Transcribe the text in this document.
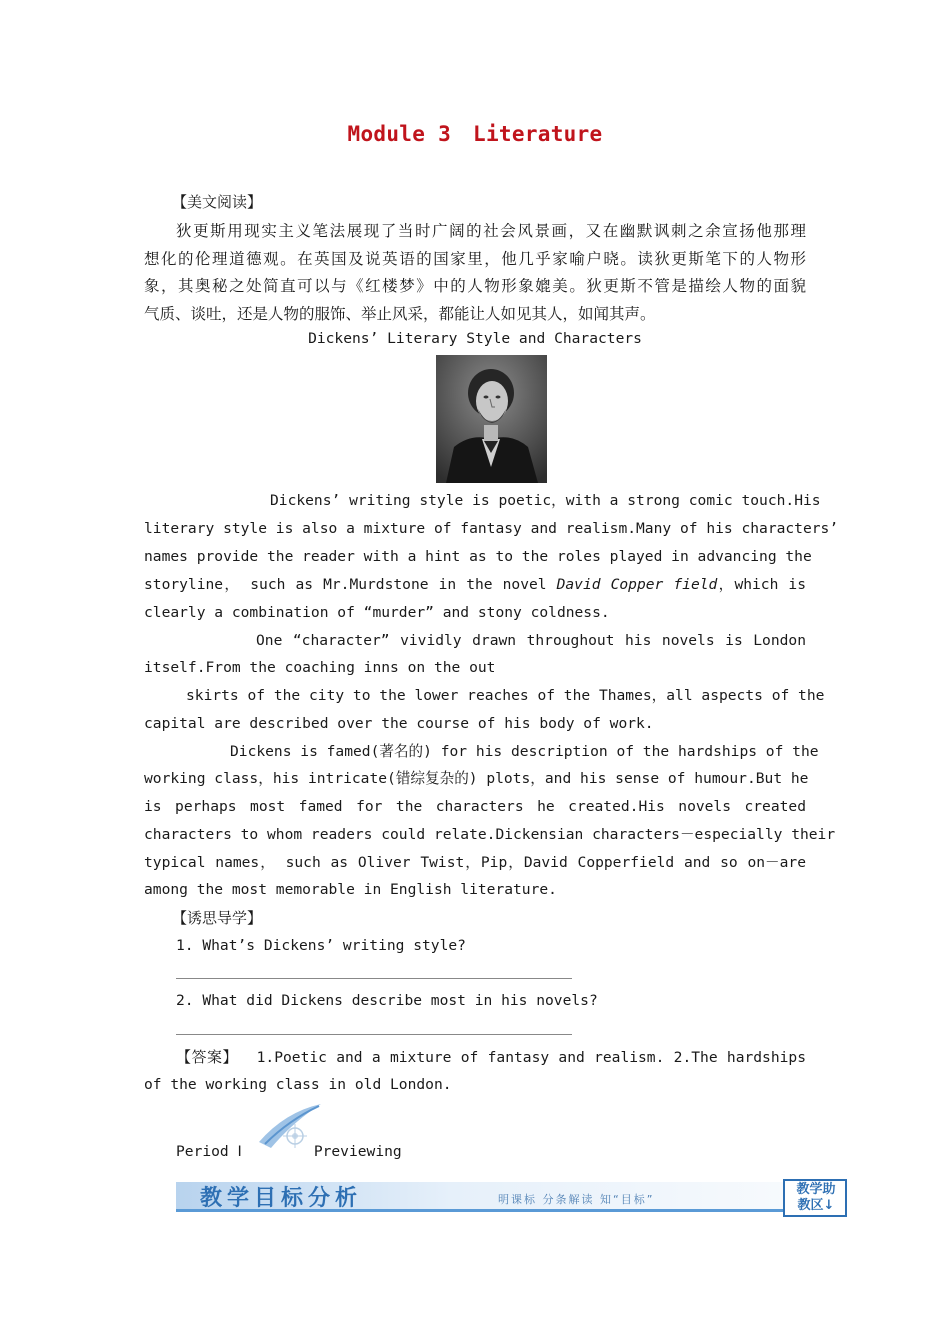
Module 3 Literature
【美文阅读】
狄更斯用现实主义笔法展现了当时广阔的社会风景画，又在幽默讽刺之余宣扬他那理
想化的伦理道德观。在英国及说英语的国家里，他几乎家喻户晓。读狄更斯笔下的人物形
象，其奥秘之处简直可以与《红楼梦》中的人物形象媲美。狄更斯不管是描绘人物的面貌
气质、谈吐，还是人物的服饰、举止风采，都能让人如见其人，如闻其声。
Dickens’ Literary Style and Characters
Dickens’ writing style is poetic，with a strong comic touch.His
literary style is also a mixture of fantasy and realism.Many of his characters’
names provide the reader with a hint as to the roles played in advancing the
storyline， such as Mr.Murdstone in the novel David Copper field，which is
clearly a combination of “murder” and stony coldness.
One “character” vividly drawn throughout his novels is London
itself.From the coaching inns on the out
skirts of the city to the lower reaches of the Thames，all aspects of the
capital are described over the course of his body of work.
Dickens is famed(著名的) for his description of the hardships of the
working class，his intricate(错综复杂的) plots，and his sense of humour.But he
is perhaps most famed for the characters he created.His novels created
characters to whom readers could relate.Dickensian characters－especially their
typical names， such as Oliver Twist，Pip，David Copperfield and so on－are
among the most memorable in English literature.
【诱思导学】
1. What’s Dickens’ writing style?
2. What did Dickens describe most in his novels?
【答案】 1.Poetic and a mixture of fantasy and realism. 2.The hardships
of the working class in old London.
Period Ⅰ	Previewing
教学目标分析	明课标 分条解读 知“目标”
教学助
教区↓
